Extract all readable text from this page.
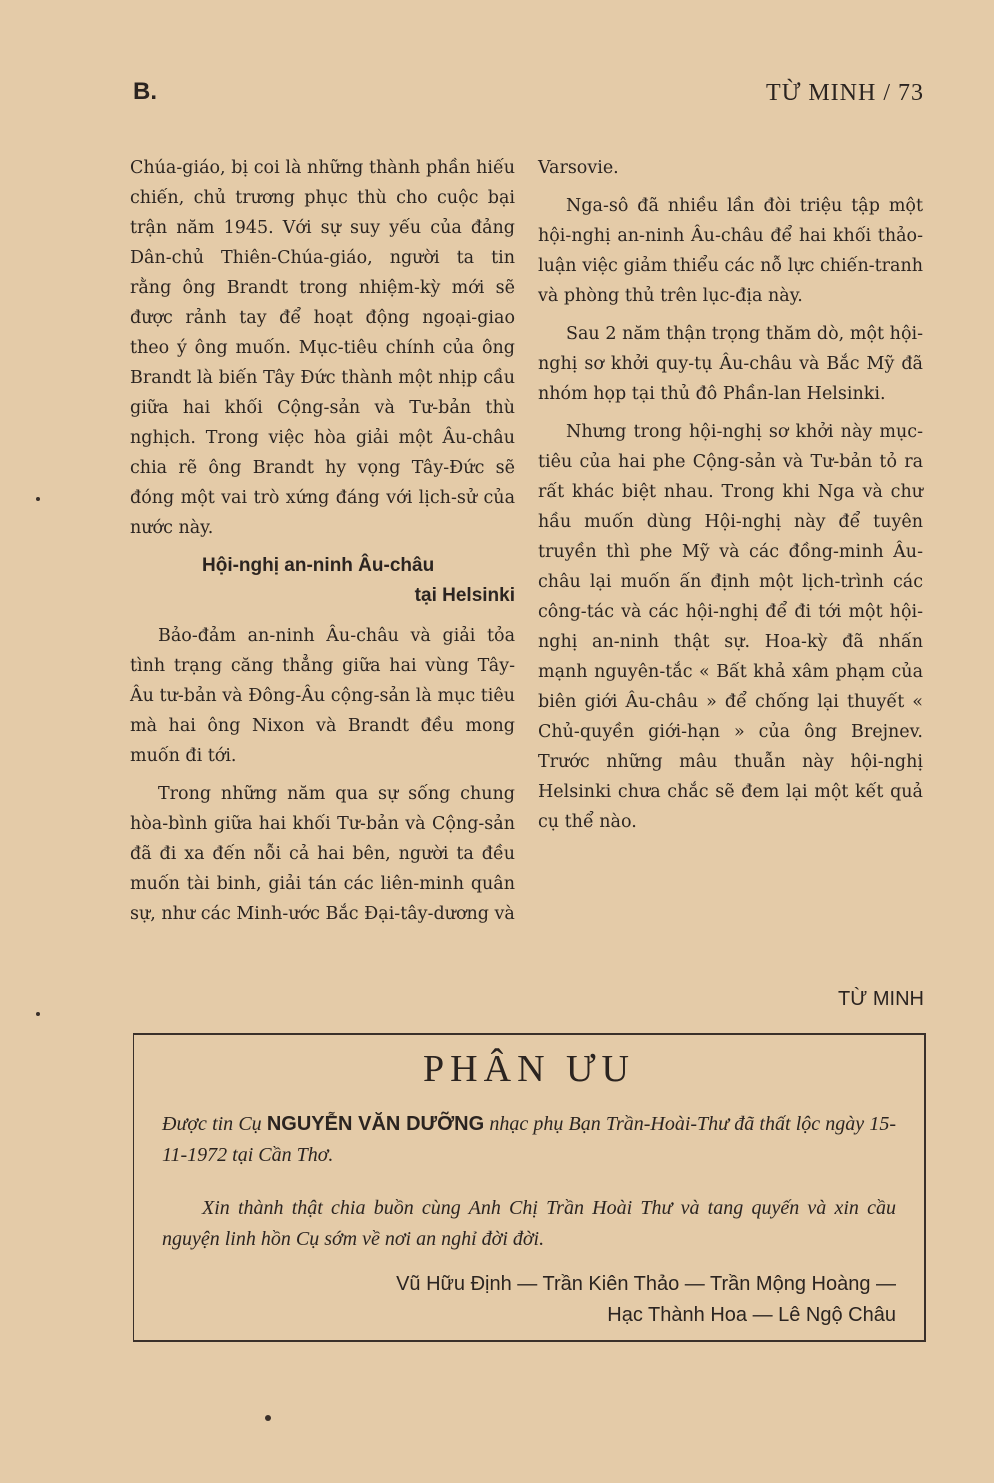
B.	TỪ MINH / 73

Chúa-giáo, bị coi là những thành phần hiếu chiến, chủ trương phục thù cho cuộc bại trận năm 1945. Với sự suy yếu của đảng Dân-chủ Thiên-Chúa-giáo, người ta tin rằng ông Brandt trong nhiệm-kỳ mới sẽ được rảnh tay để hoạt động ngoại-giao theo ý ông muốn. Mục-tiêu chính của ông Brandt là biến Tây Đức thành một nhịp cầu giữa hai khối Cộng-sản và Tư-bản thù nghịch. Trong việc hòa giải một Âu-châu chia rẽ ông Brandt hy vọng Tây-Đức sẽ đóng một vai trò xứng đáng với lịch-sử của nước này.

Hội-nghị an-ninh Âu-châu
tại Helsinki

Bảo-đảm an-ninh Âu-châu và giải tỏa tình trạng căng thẳng giữa hai vùng Tây-Âu tư-bản và Đông-Âu cộng-sản là mục tiêu mà hai ông Nixon và Brandt đều mong muốn đi tới.

Trong những năm qua sự sống chung hòa-bình giữa hai khối Tư-bản và Cộng-sản đã đi xa đến nỗi cả hai bên, người ta đều muốn tài binh, giải tán các liên-minh quân sự, như các Minh-ước Bắc Đại-tây-dương và

Varsovie.

Nga-sô đã nhiều lần đòi triệu tập một hội-nghị an-ninh Âu-châu để hai khối thảo-luận việc giảm thiểu các nỗ lực chiến-tranh và phòng thủ trên lục-địa này.

Sau 2 năm thận trọng thăm dò, một hội-nghị sơ khởi quy-tụ Âu-châu và Bắc Mỹ đã nhóm họp tại thủ đô Phần-lan Helsinki.

Nhưng trong hội-nghị sơ khởi này mục-tiêu của hai phe Cộng-sản và Tư-bản tỏ ra rất khác biệt nhau. Trong khi Nga và chư hầu muốn dùng Hội-nghị này để tuyên truyền thì phe Mỹ và các đồng-minh Âu-châu lại muốn ấn định một lịch-trình các công-tác và các hội-nghị để đi tới một hội-nghị an-ninh thật sự. Hoa-kỳ đã nhấn mạnh nguyên-tắc « Bất khả xâm phạm của biên giới Âu-châu » để chống lại thuyết « Chủ-quyền giới-hạn » của ông Brejnev. Trước những mâu thuẫn này hội-nghị Helsinki chưa chắc sẽ đem lại một kết quả cụ thể nào.

TỪ MINH
PHÂN ƯU
Được tin Cụ NGUYỄN VĂN DƯỠNG nhạc phụ Bạn Trần-Hoài-Thư đã thất lộc ngày 15-11-1972 tại Cần Thơ.
Xin thành thật chia buồn cùng Anh Chị Trần Hoài Thư và tang quyến và xin cầu nguyện linh hồn Cụ sớm về nơi an nghỉ đời đời.
Vũ Hữu Định — Trần Kiên Thảo — Trần Mộng Hoàng — Hạc Thành Hoa — Lê Ngộ Châu
